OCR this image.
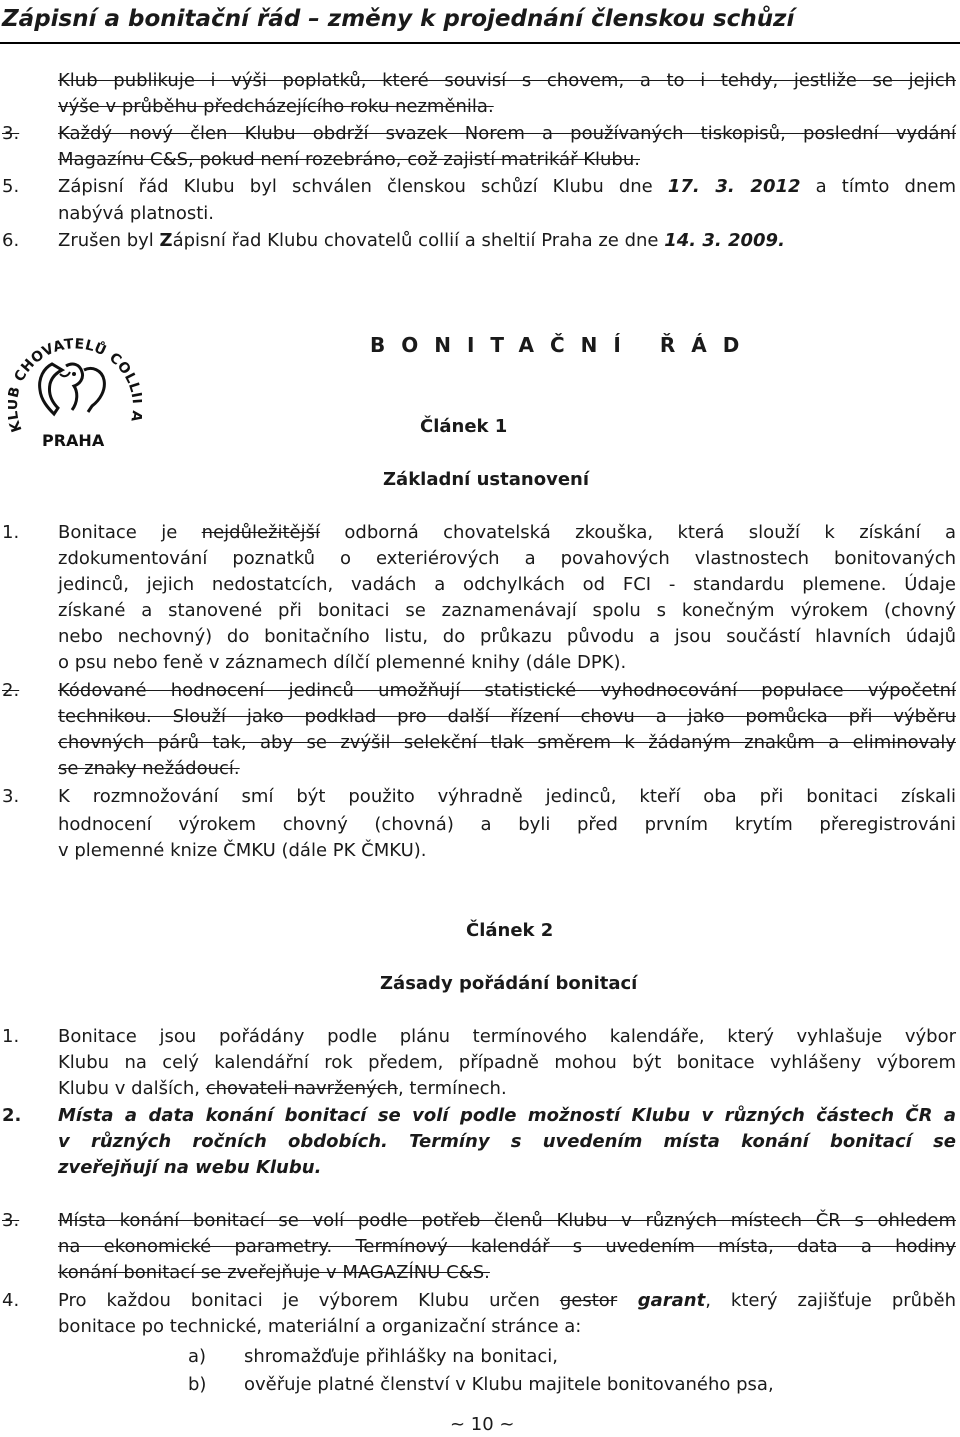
Zápisní a bonitační řád – změny k projednání členskou schůzí
Klub publikuje i výši poplatků, které souvisí s chovem, a to i tehdy, jestliže se jejich
výše v průběhu předcházejícího roku nezměnila.
3. Každý nový člen Klubu obdrží svazek Norem a používaných tiskopisů, poslední vydání
Magazínu C&S, pokud není rozebráno, což zajistí matrikář Klubu.
5. Zápisní řád Klubu byl schválen členskou schůzí Klubu dne 17. 3. 2012 a tímto dnem
nabývá platnosti.
6. Zrušen byl Zápisní řad Klubu chovatelů collií a sheltií Praha ze dne 14. 3. 2009.
K CHOVATELŮ COLL
PRAHA
BONITAČNÍ ŘÁD
Článek 1
Základní ustanovení
1. Bonitace je nejdůležitější odborná chovatelská zkouška, která slouží k získání a
zdokumentování poznatků o exteriérových a povahových vlastnostech bonitovaných
jedinců, jejich nedostatcích, vadách a odchylkách od FCI - standardu plemene. Údaje
získané a stanovené při bonitaci se zaznamenávají spolu s konečným výrokem (chovný
nebo nechovný) do bonitačního listu, do průkazu původu a jsou součástí hlavních údajů
o psu nebo feně v záznamech dílčí plemenné knihy (dále DPK).
2. Kódované hodnocení jedinců umožňují statistické vyhodnocování populace výpočetní
technikou. Slouží jako podklad pro další řízení chovu a jako pomůcka při výběru
chovných párů tak, aby se zvýšil selekční tlak směrem k žádaným znakům a eliminovaly
se znaky nežádoucí.
3. K rozmnožování smí být použito výhradně jedinců, kteří oba při bonitaci získali
hodnocení výrokem chovný (chovná) a byli před prvním krytím přeregistrováni
v plemenné knize ČMKU (dále PK ČMKU).
Článek 2
Zásady pořádání bonitací
1. Bonitace jsou pořádány podle plánu termínového kalendáře, který vyhlašuje výbor
Klubu na celý kalendářní rok předem, případně mohou být bonitace vyhlášeny výborem
Klubu v dalších, chovateli navržených, termínech.
2. Místa a data konání bonitací se volí podle možností Klubu v různých částech ČR a
v různých ročních obdobích. Termíny s uvedením místa konání bonitací se
zveřejňují na webu Klubu.
3. Místa konání bonitací se volí podle potřeb členů Klubu v různých místech ČR s ohledem
na ekonomické parametry. Termínový kalendář s uvedením místa, data a hodiny
konání bonitací se zveřejňuje v MAGAZÍNU C&S.
4. Pro každou bonitaci je výborem Klubu určen gestor garant, který zajišťuje průběh
bonitace po technické, materiální a organizační stránce a:
a) shromažďuje přihlášky na bonitaci,
b) ověřuje platné členství v Klubu majitele bonitovaného psa,
~ 10 ~
